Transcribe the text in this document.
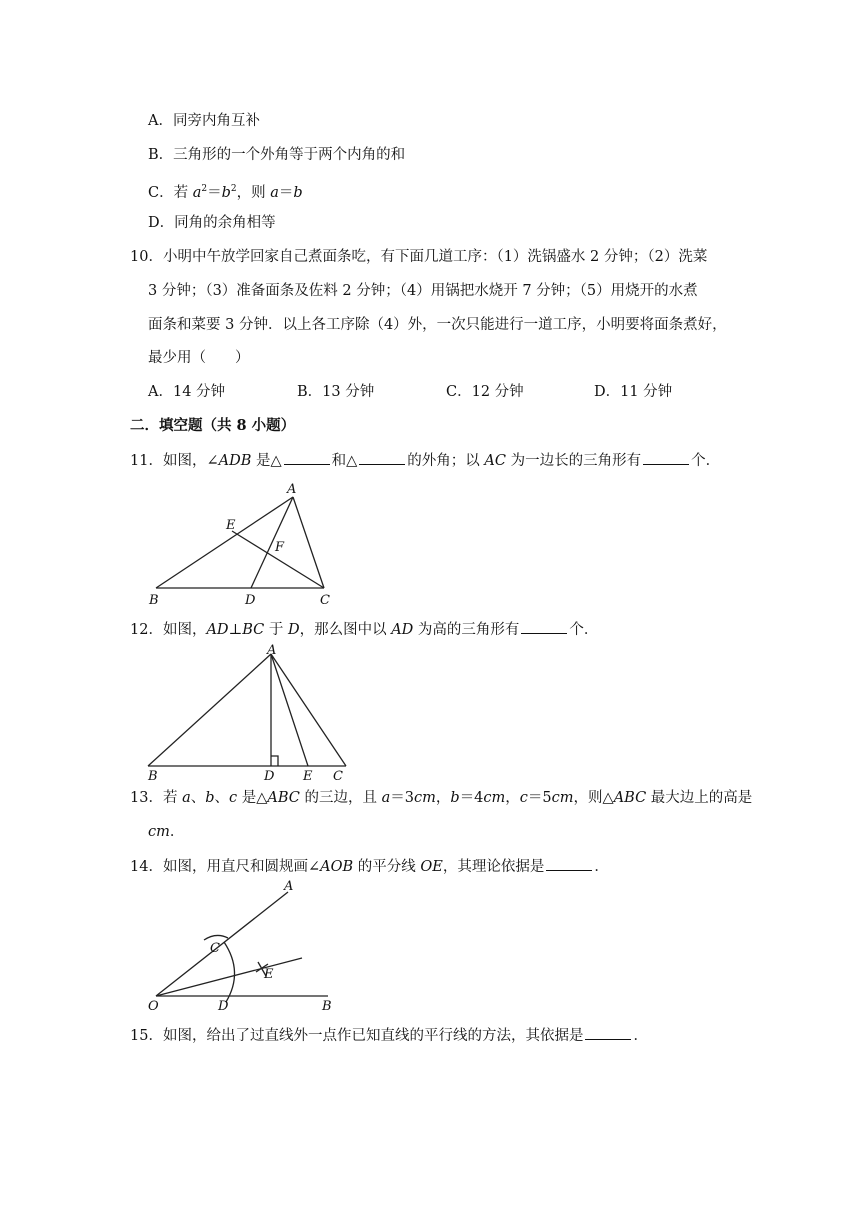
A．同旁内角互补
B．三角形的一个外角等于两个内角的和
C．若 $a^2=b^2$，则 a＝b
D．同角的余角相等
10．小明中午放学回家自己煮面条吃，有下面几道工序：（1）洗锅盛水 2 分钟；（2）洗菜
3 分钟；（3）准备面条及佐料 2 分钟；（4）用锅把水烧开 7 分钟；（5）用烧开的水煮
面条和菜要 3 分钟．以上各工序除（4）外，一次只能进行一道工序，小明要将面条煮好，
最少用（　　）
A．14 分钟	B．13 分钟	C．12 分钟	D．11 分钟
二．填空题（共 8 小题）
11．如图，∠ADB 是△	和△	的外角；以 AC 为一边长的三角形有	个．
A
E
F
B	D	C
12．如图，AD⊥BC 于 D，那么图中以 AD 为高的三角形有	个．
A
B	D E C
13．若 a、b、c 是△ABC 的三边，且 a＝3cm，b＝4cm，c＝5cm，则△ABC 最大边上的高是
cm．
14．如图，用直尺和圆规画∠AOB 的平分线 OE，其理论依据是	．
A
C
E
O	D	B
15．如图，给出了过直线外一点作已知直线的平行线的方法，其依据是	．
